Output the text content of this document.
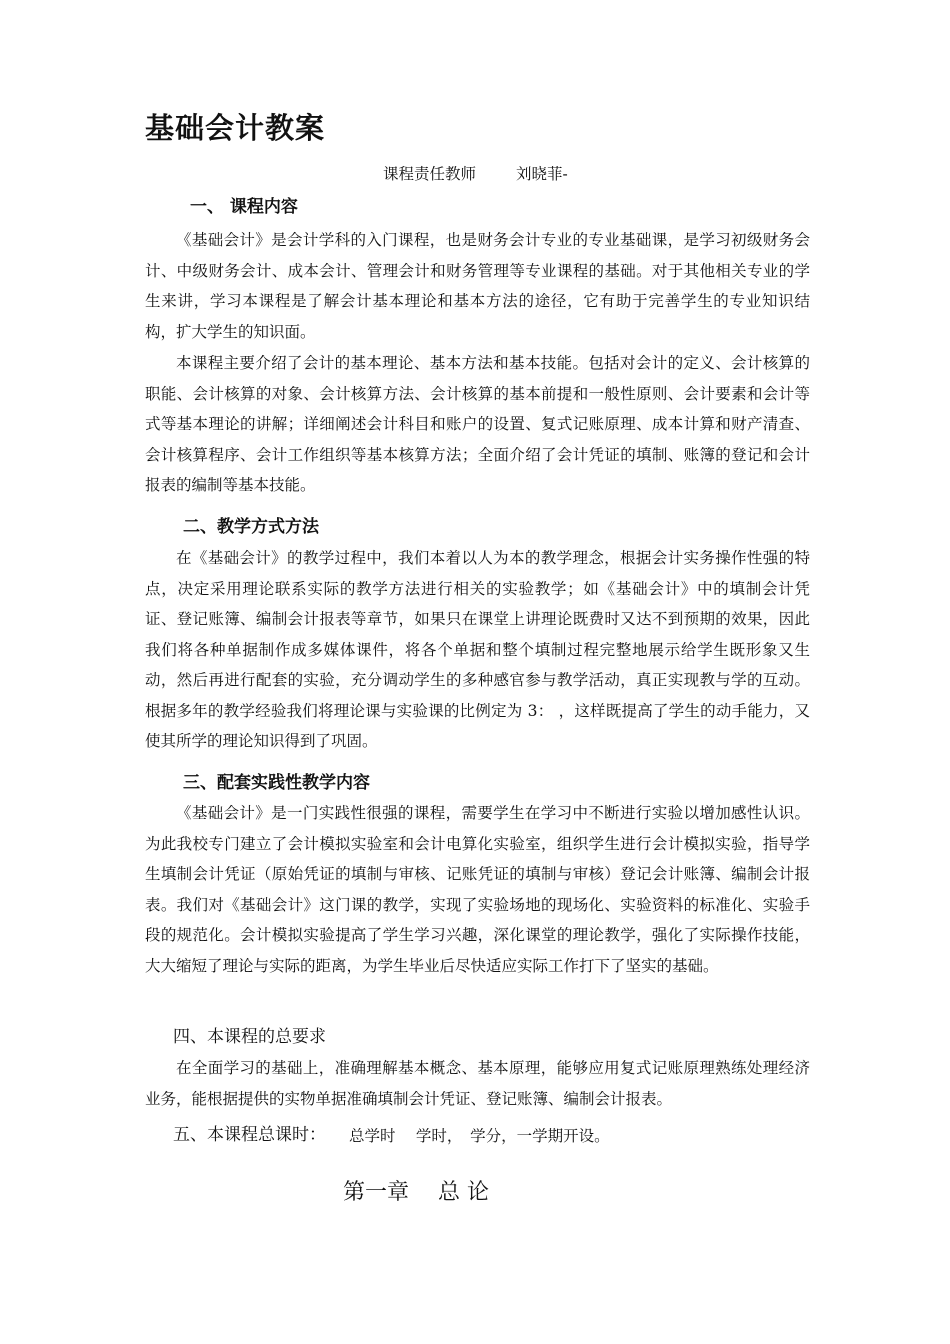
基础会计教案
课程责任教师	刘晓菲-
一、 课程内容

《基础会计》是会计学科的入门课程，也是财务会计专业的专业基础课，是学习初级财务会计、中级财务会计、成本会计、管理会计和财务管理等专业课程的基础。对于其他相关专业的学生来讲，学习本课程是了解会计基本理论和基本方法的途径，它有助于完善学生的专业知识结构，扩大学生的知识面。

本课程主要介绍了会计的基本理论、基本方法和基本技能。包括对会计的定义、会计核算的职能、会计核算的对象、会计核算方法、会计核算的基本前提和一般性原则、会计要素和会计等式等基本理论的讲解；详细阐述会计科目和账户的设置、复式记账原理、成本计算和财产清查、会计核算程序、会计工作组织等基本核算方法；全面介绍了会计凭证的填制、账簿的登记和会计报表的编制等基本技能。

二、教学方式方法

在《基础会计》的教学过程中，我们本着以人为本的教学理念，根据会计实务操作性强的特点，决定采用理论联系实际的教学方法进行相关的实验教学；如《基础会计》中的填制会计凭证、登记账簿、编制会计报表等章节，如果只在课堂上讲理论既费时又达不到预期的效果，因此我们将各种单据制作成多媒体课件，将各个单据和整个填制过程完整地展示给学生既形象又生动，然后再进行配套的实验，充分调动学生的多种感官参与教学活动，真正实现教与学的互动。根据多年的教学经验我们将理论课与实验课的比例定为 3： ，这样既提高了学生的动手能力，又使其所学的理论知识得到了巩固。

三、配套实践性教学内容

《基础会计》是一门实践性很强的课程，需要学生在学习中不断进行实验以增加感性认识。为此我校专门建立了会计模拟实验室和会计电算化实验室，组织学生进行会计模拟实验，指导学生填制会计凭证（原始凭证的填制与审核、记账凭证的填制与审核）登记会计账簿、编制会计报表。我们对《基础会计》这门课的教学，实现了实验场地的现场化、实验资料的标准化、实验手段的规范化。会计模拟实验提高了学生学习兴趣，深化课堂的理论教学，强化了实际操作技能，大大缩短了理论与实际的距离，为学生毕业后尽快适应实际工作打下了坚实的基础。

四、本课程的总要求

在全面学习的基础上，准确理解基本概念、基本原理，能够应用复式记账原理熟练处理经济业务，能根据提供的实物单据准确填制会计凭证、登记账簿、编制会计报表。

五、本课程总课时： 总学时　 学时，　学分，一学期开设。
第一章　 总 论
